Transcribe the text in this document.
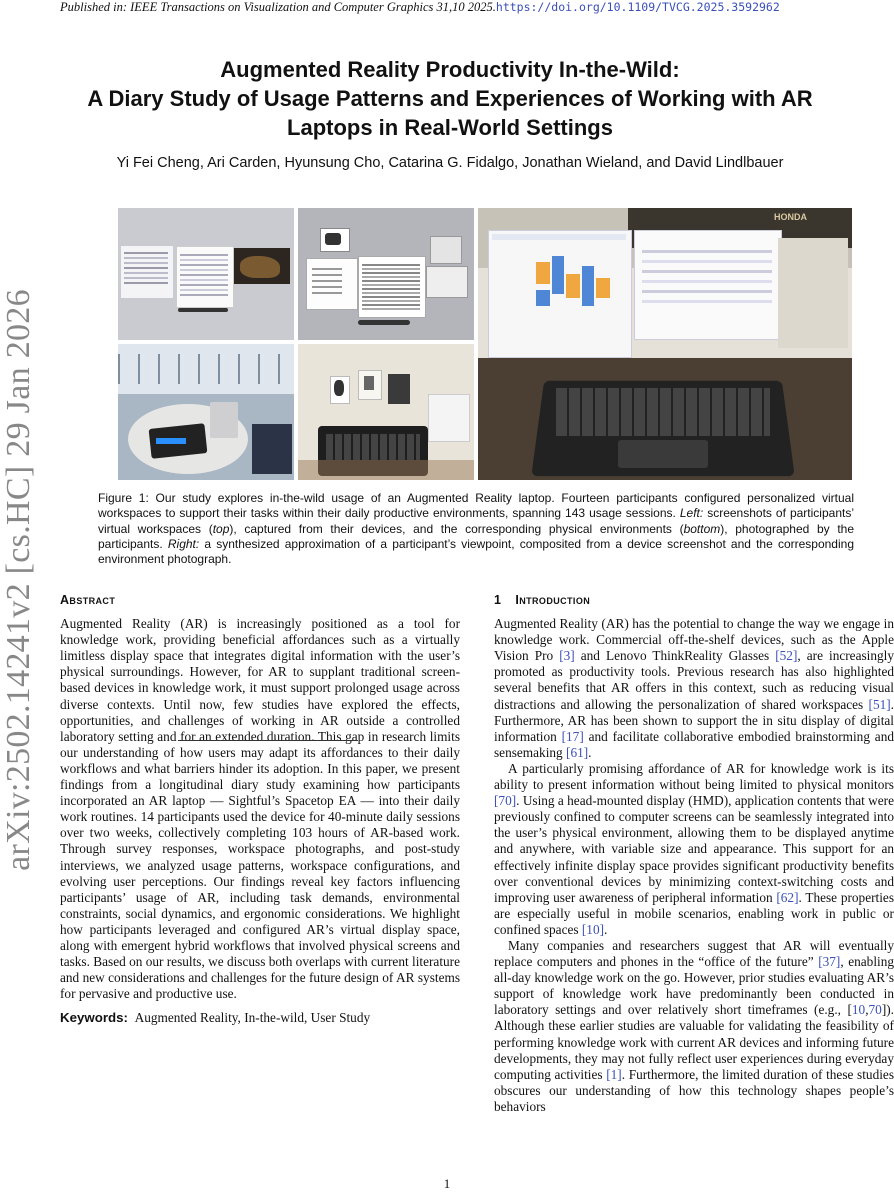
Published in: IEEE Transactions on Visualization and Computer Graphics 31,10 2025.https://doi.org/10.1109/TVCG.2025.3592962
arXiv:2502.14241v2 [cs.HC] 29 Jan 2026
Augmented Reality Productivity In-the-Wild:
A Diary Study of Usage Patterns and Experiences of Working with AR
Laptops in Real-World Settings
Yi Fei Cheng, Ari Carden, Hyunsung Cho, Catarina G. Fidalgo, Jonathan Wieland, and David Lindlbauer
HONDA
Figure 1: Our study explores in-the-wild usage of an Augmented Reality laptop. Fourteen participants configured personalized virtual workspaces to support their tasks within their daily productive environments, spanning 143 usage sessions. Left: screenshots of participants’ virtual workspaces (top), captured from their devices, and the corresponding physical environments (bottom), photographed by the participants. Right: a synthesized approximation of a participant’s viewpoint, composited from a device screenshot and the corresponding environment photograph.
Abstract

Augmented Reality (AR) is increasingly positioned as a tool for knowledge work, providing beneficial affordances such as a virtually limitless display space that integrates digital information with the user’s physical surroundings. However, for AR to supplant traditional screen-based devices in knowledge work, it must support prolonged usage across diverse contexts. Until now, few studies have explored the effects, opportunities, and challenges of working in AR outside a controlled laboratory setting and for an extended duration. This gap in research limits our understanding of how users may adapt its affordances to their daily workflows and what barriers hinder its adoption. In this paper, we present findings from a longitudinal diary study examining how participants incorporated an AR laptop — Sightful’s Spacetop EA — into their daily work routines. 14 participants used the device for 40-minute daily sessions over two weeks, collectively completing 103 hours of AR-based work. Through survey responses, workspace photographs, and post-study interviews, we analyzed usage patterns, workspace configurations, and evolving user perceptions. Our findings reveal key factors influencing participants’ usage of AR, including task demands, environmental constraints, social dynamics, and ergonomic considerations. We highlight how participants leveraged and configured AR’s virtual display space, along with emergent hybrid workflows that involved physical screens and tasks. Based on our results, we discuss both overlaps with current literature and new considerations and challenges for the future design of AR systems for pervasive and productive use.

Keywords: Augmented Reality, In-the-wild, User Study
1 Introduction

Augmented Reality (AR) has the potential to change the way we engage in knowledge work. Commercial off-the-shelf devices, such as the Apple Vision Pro [3] and Lenovo ThinkReality Glasses [52], are increasingly promoted as productivity tools. Previous research has also highlighted several benefits that AR offers in this context, such as reducing visual distractions and allowing the personalization of shared workspaces [51]. Furthermore, AR has been shown to support the in situ display of digital information [17] and facilitate collaborative embodied brainstorming and sensemaking [61].

A particularly promising affordance of AR for knowledge work is its ability to present information without being limited to physical monitors [70]. Using a head-mounted display (HMD), application contents that were previously confined to computer screens can be seamlessly integrated into the user’s physical environment, allowing them to be displayed anytime and anywhere, with variable size and appearance. This support for an effectively infinite display space provides significant productivity benefits over conventional devices by minimizing context-switching costs and improving user awareness of peripheral information [62]. These properties are especially useful in mobile scenarios, enabling work in public or confined spaces [10].

Many companies and researchers suggest that AR will eventually replace computers and phones in the “office of the future” [37], enabling all-day knowledge work on the go. However, prior studies evaluating AR’s support of knowledge work have predominantly been conducted in laboratory settings and over relatively short timeframes (e.g., [10,70]). Although these earlier studies are valuable for validating the feasibility of performing knowledge work with current AR devices and informing future developments, they may not fully reflect user experiences during everyday computing activities [1]. Furthermore, the limited duration of these studies obscures our understanding of how this technology shapes people’s behaviors

1
